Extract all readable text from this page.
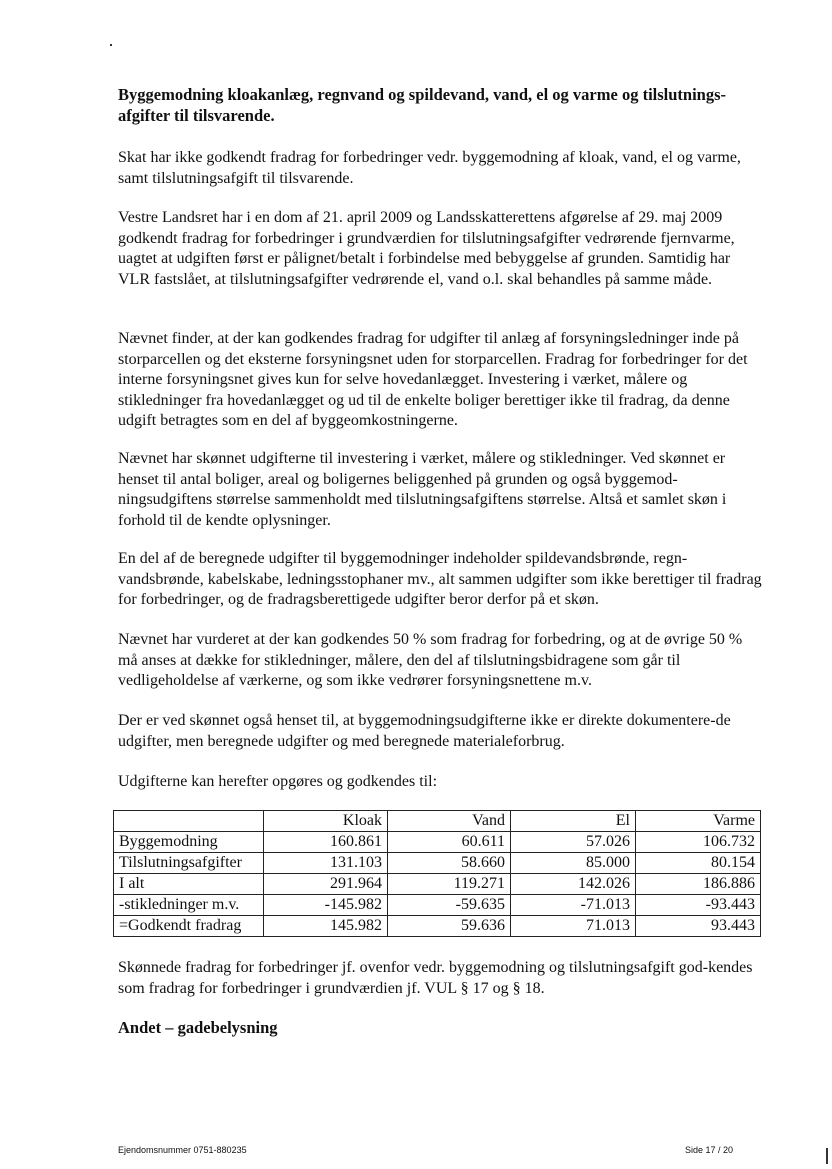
Byggemodning kloakanlæg, regnvand og spildevand, vand, el og varme og tilslutnings-afgifter til tilsvarende.

Skat har ikke godkendt fradrag for forbedringer vedr. byggemodning af kloak, vand, el og varme, samt tilslutningsafgift til tilsvarende.

Vestre Landsret har i en dom af 21. april 2009 og Landsskatterettens afgørelse af 29. maj 2009 godkendt fradrag for forbedringer i grundværdien for tilslutningsafgifter vedrørende fjernvarme, uagtet at udgiften først er pålignet/betalt i forbindelse med bebyggelse af grunden. Samtidig har VLR fastslået, at tilslutningsafgifter vedrørende el, vand o.l. skal behandles på samme måde.

Nævnet finder, at der kan godkendes fradrag for udgifter til anlæg af forsyningsledninger inde på storparcellen og det eksterne forsyningsnet uden for storparcellen. Fradrag for forbedringer for det interne forsyningsnet gives kun for selve hovedanlægget. Investering i værket, målere og stikledninger fra hovedanlægget og ud til de enkelte boliger berettiger ikke til fradrag, da denne udgift betragtes som en del af byggeomkostningerne.

Nævnet har skønnet udgifterne til investering i værket, målere og stikledninger. Ved skønnet er henset til antal boliger, areal og boligernes beliggenhed på grunden og også byggemod-ningsudgiftens størrelse sammenholdt med tilslutningsafgiftens størrelse. Altså et samlet skøn i forhold til de kendte oplysninger.

En del af de beregnede udgifter til byggemodninger indeholder spildevandsbrønde, regn-vandsbrønde, kabelskabe, ledningsstophaner mv., alt sammen udgifter som ikke berettiger til fradrag for forbedringer, og de fradragsberettigede udgifter beror derfor på et skøn.

Nævnet har vurderet at der kan godkendes 50 % som fradrag for forbedring, og at de øvrige 50 % må anses at dække for stikledninger, målere, den del af tilslutningsbidragene som går til vedligeholdelse af værkerne, og som ikke vedrører forsyningsnettene m.v.

Der er ved skønnet også henset til, at byggemodningsudgifterne ikke er direkte dokumentere-de udgifter, men beregnede udgifter og med beregnede materialeforbrug.

Udgifterne kan herefter opgøres og godkendes til:

	Kloak	Vand	El	Varme
Byggemodning	160.861	60.611	57.026	106.732
Tilslutningsafgifter	131.103	58.660	85.000	80.154
I alt	291.964	119.271	142.026	186.886
-stikledninger m.v.	-145.982	-59.635	-71.013	-93.443
=Godkendt fradrag	145.982	59.636	71.013	93.443

Skønnede fradrag for forbedringer jf. ovenfor vedr. byggemodning og tilslutningsafgift god-kendes som fradrag for forbedringer i grundværdien jf. VUL § 17 og § 18.

Andet – gadebelysning
Ejendomsnummer 0751-880235	Side 17 / 20
